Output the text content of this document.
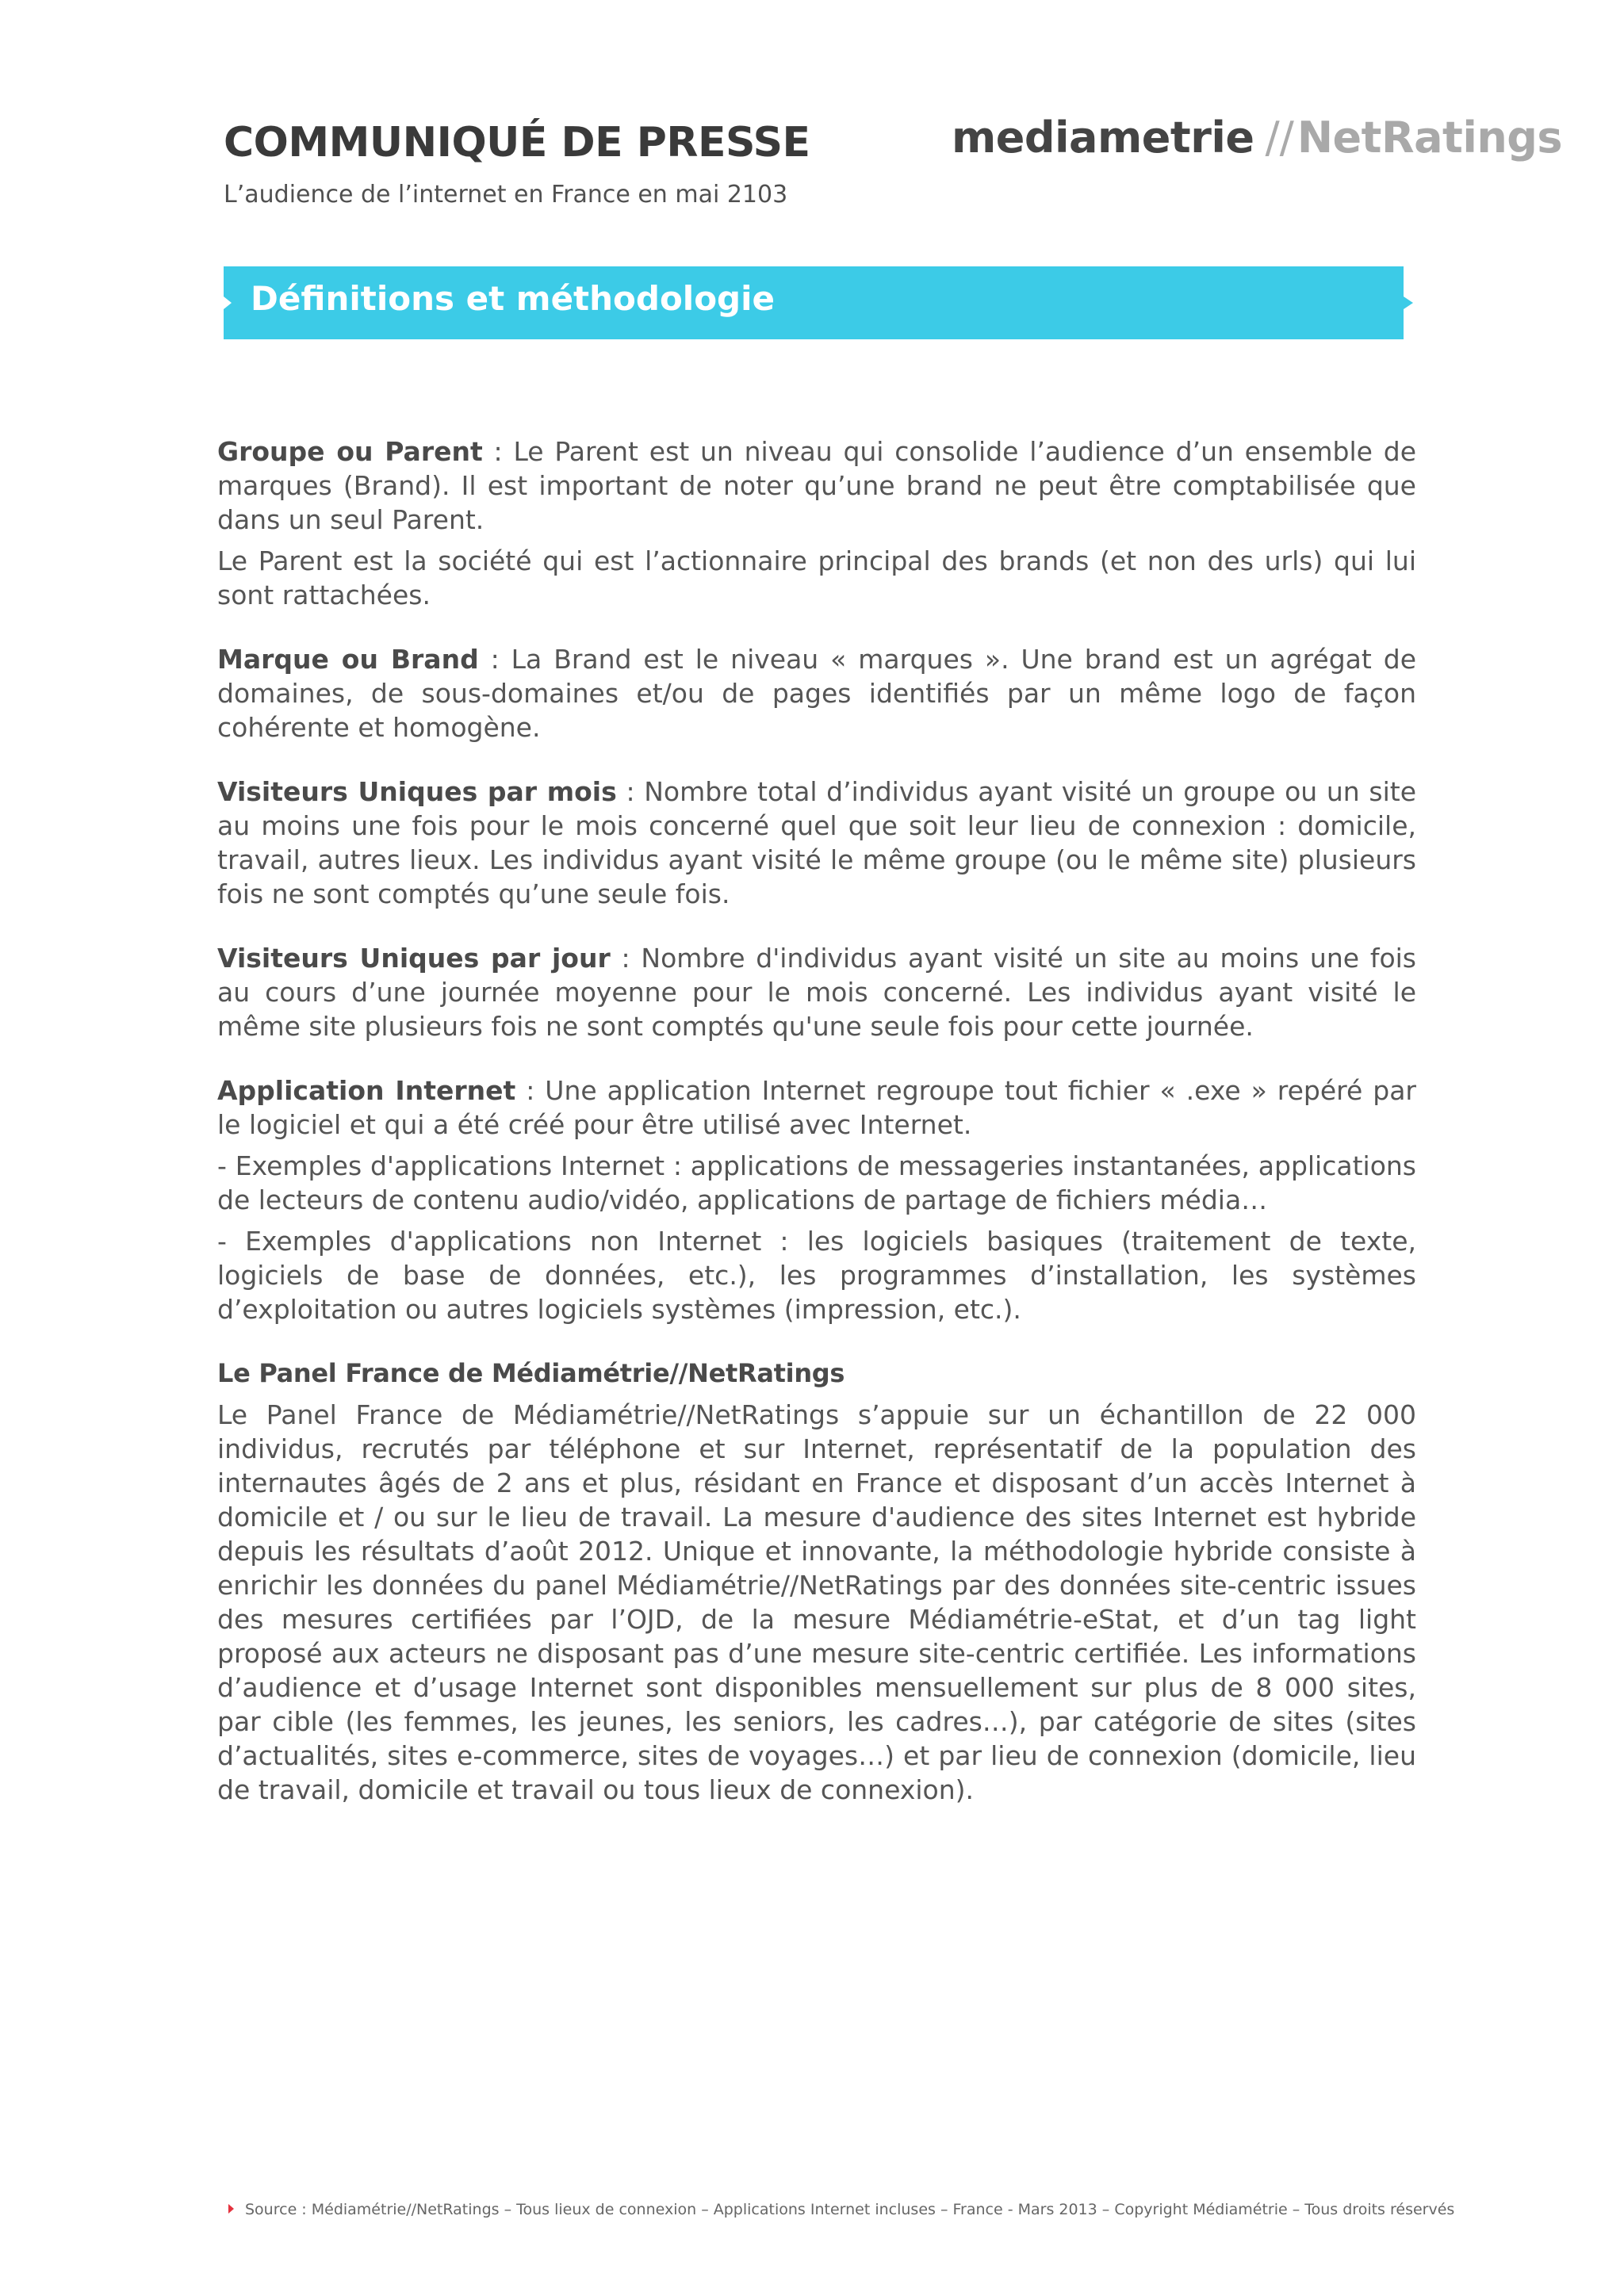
COMMUNIQUÉ DE PRESSE

L’audience de l’internet en France en mai 2103

mediametrie //NetRatings
Définitions et méthodologie

Groupe ou Parent : Le Parent est un niveau qui consolide l’audience d’un ensemble de marques (Brand). Il est important de noter qu’une brand ne peut être comptabilisée que dans un seul Parent.

Le Parent est la société qui est l’actionnaire principal des brands (et non des urls) qui lui sont rattachées.

Marque ou Brand : La Brand est le niveau « marques ». Une brand est un agrégat de domaines, de sous-domaines et/ou de pages identifiés par un même logo de façon cohérente et homogène.

Visiteurs Uniques par mois : Nombre total d’individus ayant visité un groupe ou un site au moins une fois pour le mois concerné quel que soit leur lieu de connexion : domicile, travail, autres lieux. Les individus ayant visité le même groupe (ou le même site) plusieurs fois ne sont comptés qu’une seule fois.

Visiteurs Uniques par jour : Nombre d'individus ayant visité un site au moins une fois au cours d’une journée moyenne pour le mois concerné. Les individus ayant visité le même site plusieurs fois ne sont comptés qu'une seule fois pour cette journée.

Application Internet : Une application Internet regroupe tout fichier « .exe » repéré par le logiciel et qui a été créé pour être utilisé avec Internet.

- Exemples d'applications Internet : applications de messageries instantanées, applications de lecteurs de contenu audio/vidéo, applications de partage de fichiers média…

- Exemples d'applications non Internet : les logiciels basiques (traitement de texte, logiciels de base de données, etc.), les programmes d’installation, les systèmes d’exploitation ou autres logiciels systèmes (impression, etc.).

Le Panel France de Médiamétrie//NetRatings

Le Panel France de Médiamétrie//NetRatings s’appuie sur un échantillon de 22 000 individus, recrutés par téléphone et sur Internet, représentatif de la population des internautes âgés de 2 ans et plus, résidant en France et disposant d’un accès Internet à domicile et / ou sur le lieu de travail. La mesure d'audience des sites Internet est hybride depuis les résultats d’août 2012. Unique et innovante, la méthodologie hybride consiste à enrichir les données du panel Médiamétrie//NetRatings par des données site-centric issues des mesures certifiées par l’OJD, de la mesure Médiamétrie-eStat, et d’un tag light proposé aux acteurs ne disposant pas d’une mesure site-centric certifiée. Les informations d’audience et d’usage Internet sont disponibles mensuellement sur plus de 8 000 sites, par cible (les femmes, les jeunes, les seniors, les cadres…), par catégorie de sites (sites d’actualités, sites e-commerce, sites de voyages…) et par lieu de connexion (domicile, lieu de travail, domicile et travail ou tous lieux de connexion).

Source : Médiamétrie//NetRatings – Tous lieux de connexion – Applications Internet incluses – France - Mars 2013 – Copyright Médiamétrie – Tous droits réservés
